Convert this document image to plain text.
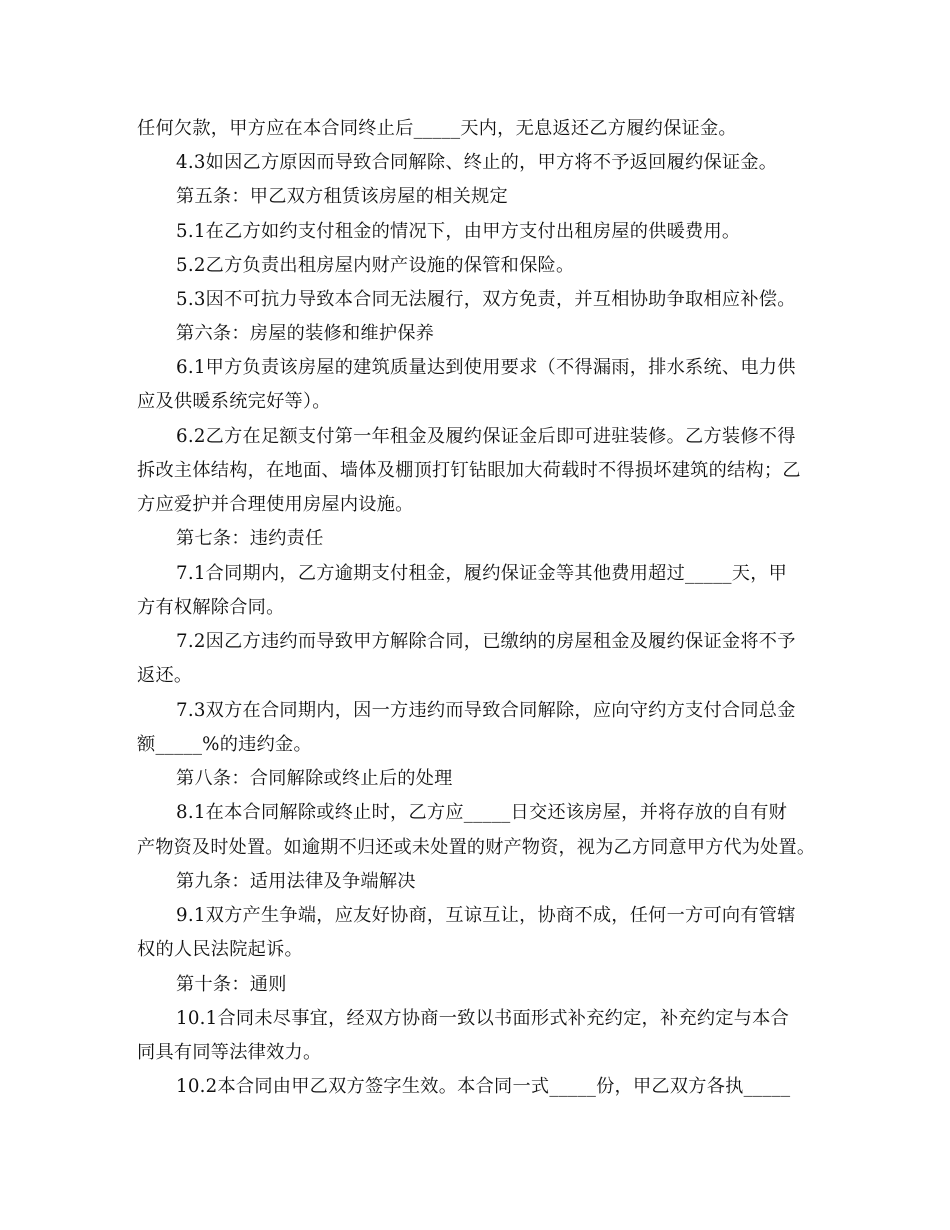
任何欠款，甲方应在本合同终止后_____天内，无息返还乙方履约保证金。
4.3如因乙方原因而导致合同解除、终止的，甲方将不予返回履约保证金。
第五条：甲乙双方租赁该房屋的相关规定
5.1在乙方如约支付租金的情况下，由甲方支付出租房屋的供暖费用。
5.2乙方负责出租房屋内财产设施的保管和保险。
5.3因不可抗力导致本合同无法履行，双方免责，并互相协助争取相应补偿。
第六条：房屋的装修和维护保养
6.1甲方负责该房屋的建筑质量达到使用要求（不得漏雨，排水系统、电力供
应及供暖系统完好等）。
6.2乙方在足额支付第一年租金及履约保证金后即可进驻装修。乙方装修不得
拆改主体结构，在地面、墙体及棚顶打钉钻眼加大荷载时不得损坏建筑的结构；乙
方应爱护并合理使用房屋内设施。
第七条：违约责任
7.1合同期内，乙方逾期支付租金，履约保证金等其他费用超过_____天，甲
方有权解除合同。
7.2因乙方违约而导致甲方解除合同，已缴纳的房屋租金及履约保证金将不予
返还。
7.3双方在合同期内，因一方违约而导致合同解除，应向守约方支付合同总金
额_____%的违约金。
第八条：合同解除或终止后的处理
8.1在本合同解除或终止时，乙方应_____日交还该房屋，并将存放的自有财
产物资及时处置。如逾期不归还或未处置的财产物资，视为乙方同意甲方代为处置。
第九条：适用法律及争端解决
9.1双方产生争端，应友好协商，互谅互让，协商不成，任何一方可向有管辖
权的人民法院起诉。
第十条：通则
10.1合同未尽事宜，经双方协商一致以书面形式补充约定，补充约定与本合
同具有同等法律效力。
10.2本合同由甲乙双方签字生效。本合同一式_____份，甲乙双方各执_____
